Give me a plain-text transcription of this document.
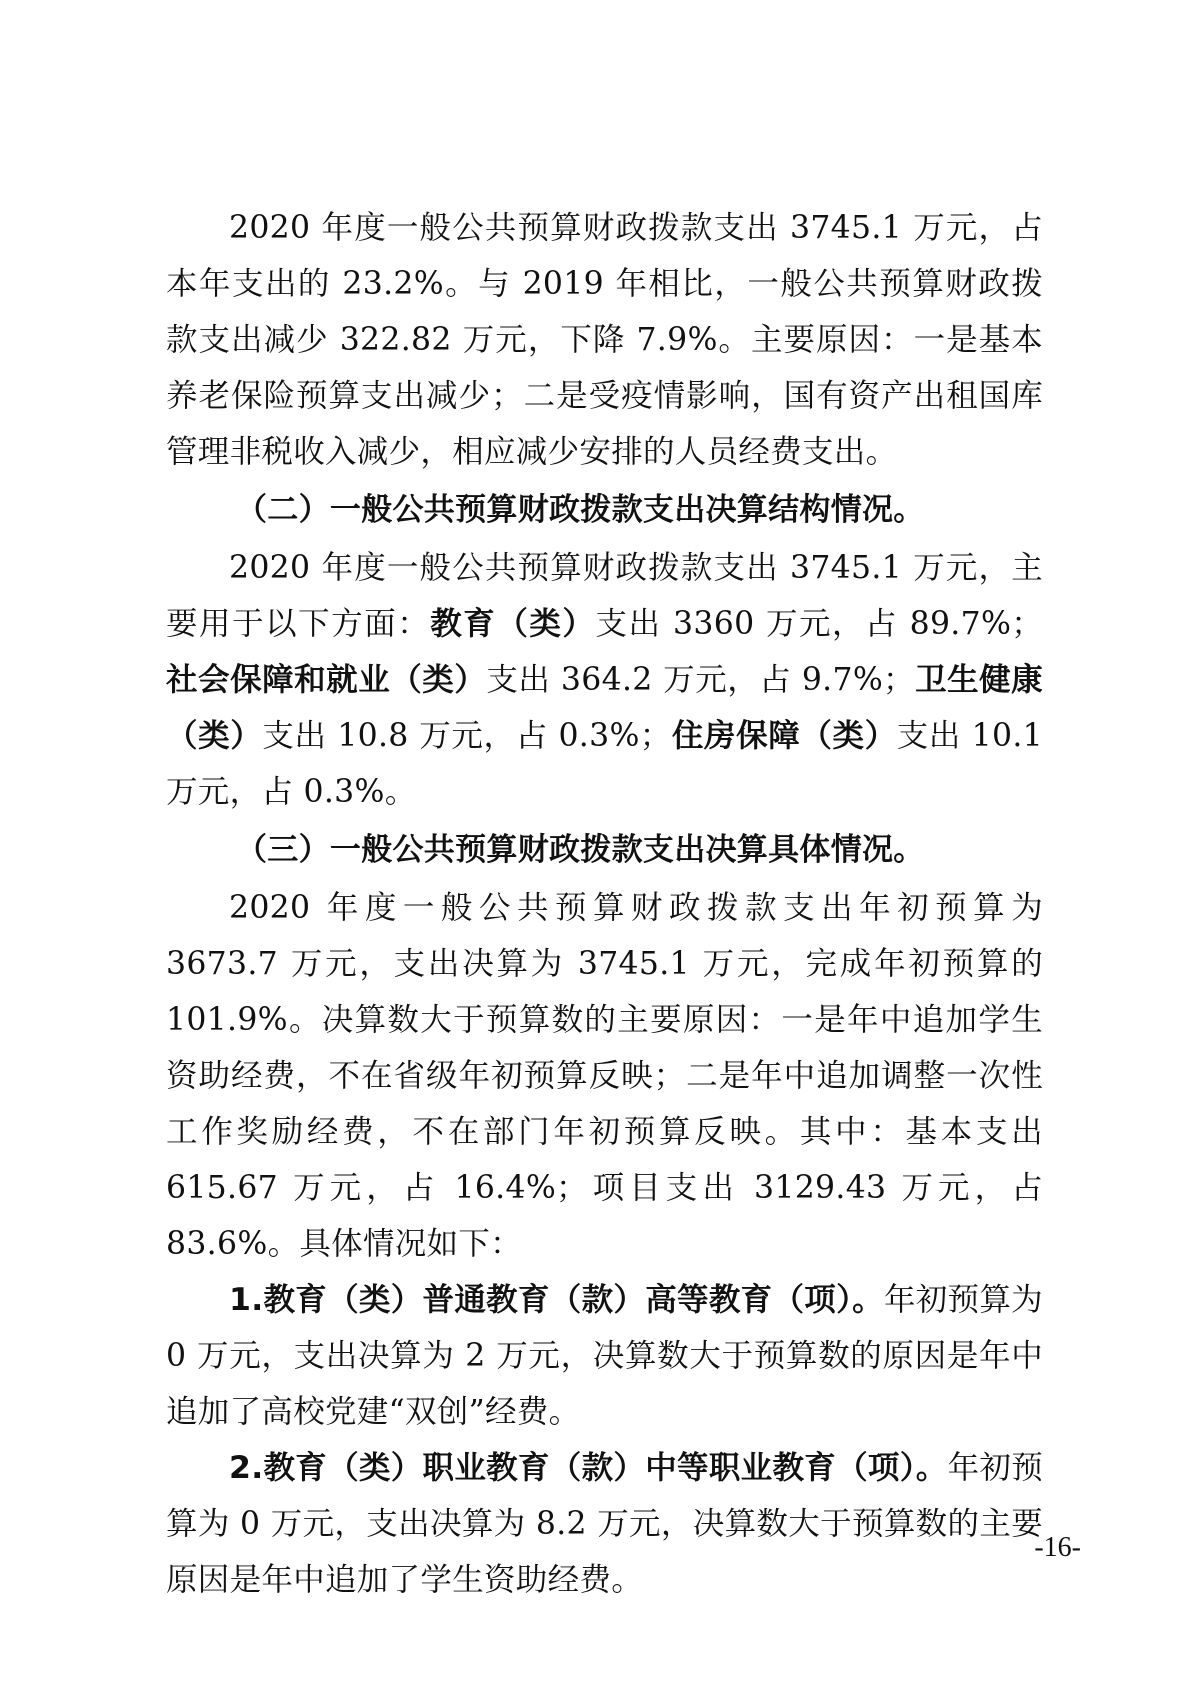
2020 年度一般公共预算财政拨款支出 3745.1 万元，占本年支出的 23.2%。与 2019 年相比，一般公共预算财政拨款支出减少 322.82 万元，下降 7.9%。主要原因：一是基本养老保险预算支出减少；二是受疫情影响，国有资产出租国库管理非税收入减少，相应减少安排的人员经费支出。

（二）一般公共预算财政拨款支出决算结构情况。

2020 年度一般公共预算财政拨款支出 3745.1 万元，主要用于以下方面：教育（类）支出 3360 万元，占 89.7%；社会保障和就业（类）支出 364.2 万元，占 9.7%；卫生健康（类）支出 10.8 万元，占 0.3%；住房保障（类）支出 10.1 万元，占 0.3%。

（三）一般公共预算财政拨款支出决算具体情况。

2020 年度一般公共预算财政拨款支出年初预算为 3673.7 万元，支出决算为 3745.1 万元，完成年初预算的 101.9%。决算数大于预算数的主要原因：一是年中追加学生资助经费，不在省级年初预算反映；二是年中追加调整一次性工作奖励经费，不在部门年初预算反映。其中：基本支出 615.67 万元，占 16.4%；项目支出 3129.43 万元，占 83.6%。具体情况如下：

1.教育（类）普通教育（款）高等教育（项）。年初预算为 0 万元，支出决算为 2 万元，决算数大于预算数的原因是年中追加了高校党建“双创”经费。

2.教育（类）职业教育（款）中等职业教育（项）。年初预算为 0 万元，支出决算为 8.2 万元，决算数大于预算数的主要原因是年中追加了学生资助经费。

-16-
